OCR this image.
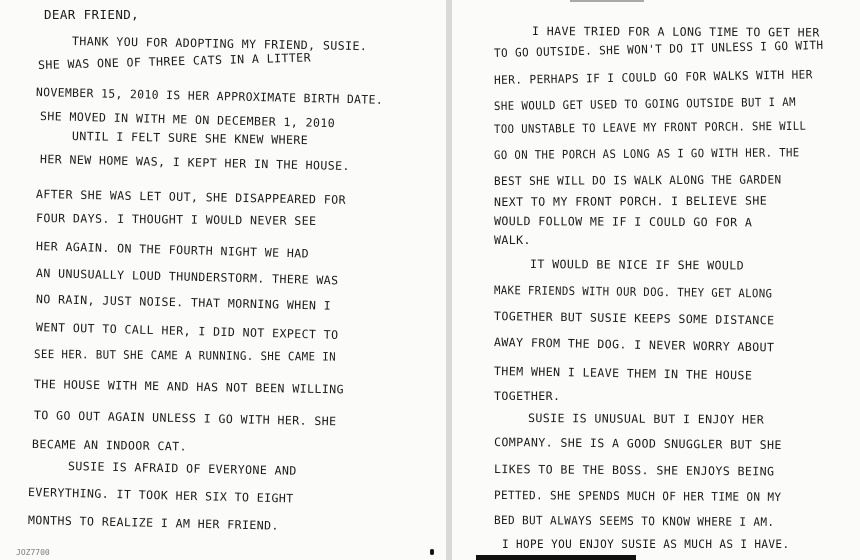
DEAR FRIEND,
THANK YOU FOR ADOPTING MY FRIEND, SUSIE.
SHE WAS ONE OF THREE CATS IN A LITTER
NOVEMBER 15, 2010 IS HER APPROXIMATE BIRTH DATE.
SHE MOVED IN WITH ME ON DECEMBER 1, 2010
UNTIL I FELT SURE SHE KNEW WHERE
HER NEW HOME WAS, I KEPT HER IN THE HOUSE.
AFTER SHE WAS LET OUT, SHE DISAPPEARED FOR
FOUR DAYS. I THOUGHT I WOULD NEVER SEE
HER AGAIN. ON THE FOURTH NIGHT WE HAD
AN UNUSUALLY LOUD THUNDERSTORM. THERE WAS
NO RAIN, JUST NOISE. THAT MORNING WHEN I
WENT OUT TO CALL HER, I DID NOT EXPECT TO
SEE HER. BUT SHE CAME A RUNNING. SHE CAME IN
THE HOUSE WITH ME AND HAS NOT BEEN WILLING
TO GO OUT AGAIN UNLESS I GO WITH HER. SHE
BECAME AN INDOOR CAT.
SUSIE IS AFRAID OF EVERYONE AND
EVERYTHING. IT TOOK HER SIX TO EIGHT
MONTHS TO REALIZE I AM HER FRIEND.
JOZ7700
I HAVE TRIED FOR A LONG TIME TO GET HER
TO GO OUTSIDE. SHE WON'T DO IT UNLESS I GO WITH
HER. PERHAPS IF I COULD GO FOR WALKS WITH HER
SHE WOULD GET USED TO GOING OUTSIDE BUT I AM
TOO UNSTABLE TO LEAVE MY FRONT PORCH. SHE WILL
GO ON THE PORCH AS LONG AS I GO WITH HER. THE
BEST SHE WILL DO IS WALK ALONG THE GARDEN
NEXT TO MY FRONT PORCH. I BELIEVE SHE
WOULD FOLLOW ME IF I COULD GO FOR A
WALK.
IT WOULD BE NICE IF SHE WOULD
MAKE FRIENDS WITH OUR DOG. THEY GET ALONG
TOGETHER BUT SUSIE KEEPS SOME DISTANCE
AWAY FROM THE DOG. I NEVER WORRY ABOUT
THEM WHEN I LEAVE THEM IN THE HOUSE
TOGETHER.
SUSIE IS UNUSUAL BUT I ENJOY HER
COMPANY. SHE IS A GOOD SNUGGLER BUT SHE
LIKES TO BE THE BOSS. SHE ENJOYS BEING
PETTED. SHE SPENDS MUCH OF HER TIME ON MY
BED BUT ALWAYS SEEMS TO KNOW WHERE I AM.
I HOPE YOU ENJOY SUSIE AS MUCH AS I HAVE.
